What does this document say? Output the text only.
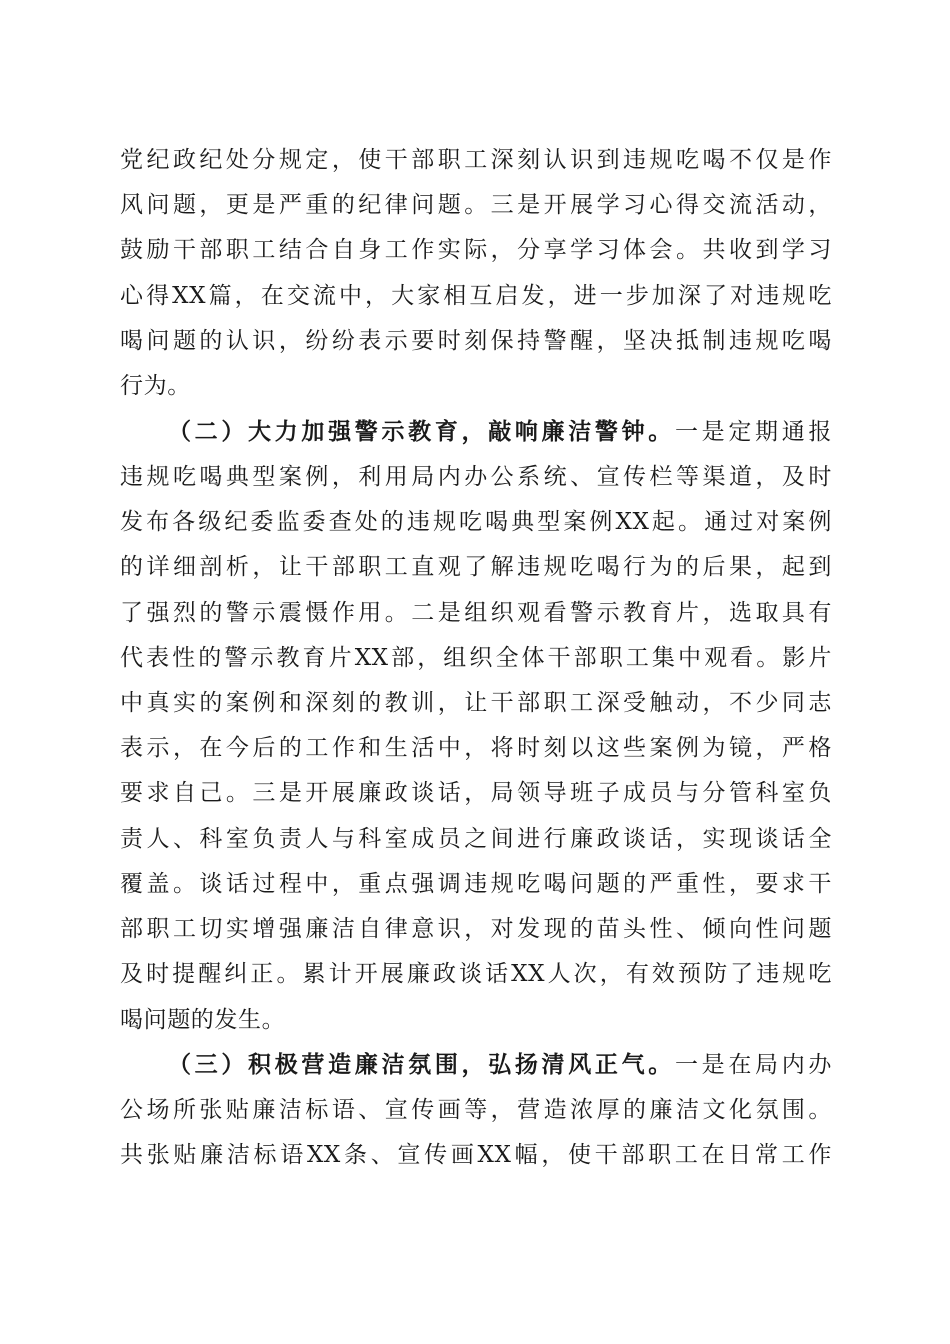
党纪政纪处分规定，使干部职工深刻认识到违规吃喝不仅是作
风问题，更是严重的纪律问题。三是开展学习心得交流活动，
鼓励干部职工结合自身工作实际，分享学习体会。共收到学习
心得XX篇，在交流中，大家相互启发，进一步加深了对违规吃
喝问题的认识，纷纷表示要时刻保持警醒，坚决抵制违规吃喝
行为。
（二）大力加强警示教育，敲响廉洁警钟。一是定期通报
违规吃喝典型案例，利用局内办公系统、宣传栏等渠道，及时
发布各级纪委监委查处的违规吃喝典型案例XX起。通过对案例
的详细剖析，让干部职工直观了解违规吃喝行为的后果，起到
了强烈的警示震慑作用。二是组织观看警示教育片，选取具有
代表性的警示教育片XX部，组织全体干部职工集中观看。影片
中真实的案例和深刻的教训，让干部职工深受触动，不少同志
表示，在今后的工作和生活中，将时刻以这些案例为镜，严格
要求自己。三是开展廉政谈话，局领导班子成员与分管科室负
责人、科室负责人与科室成员之间进行廉政谈话，实现谈话全
覆盖。谈话过程中，重点强调违规吃喝问题的严重性，要求干
部职工切实增强廉洁自律意识，对发现的苗头性、倾向性问题
及时提醒纠正。累计开展廉政谈话XX人次，有效预防了违规吃
喝问题的发生。
（三）积极营造廉洁氛围，弘扬清风正气。一是在局内办
公场所张贴廉洁标语、宣传画等，营造浓厚的廉洁文化氛围。
共张贴廉洁标语XX条、宣传画XX幅，使干部职工在日常工作
